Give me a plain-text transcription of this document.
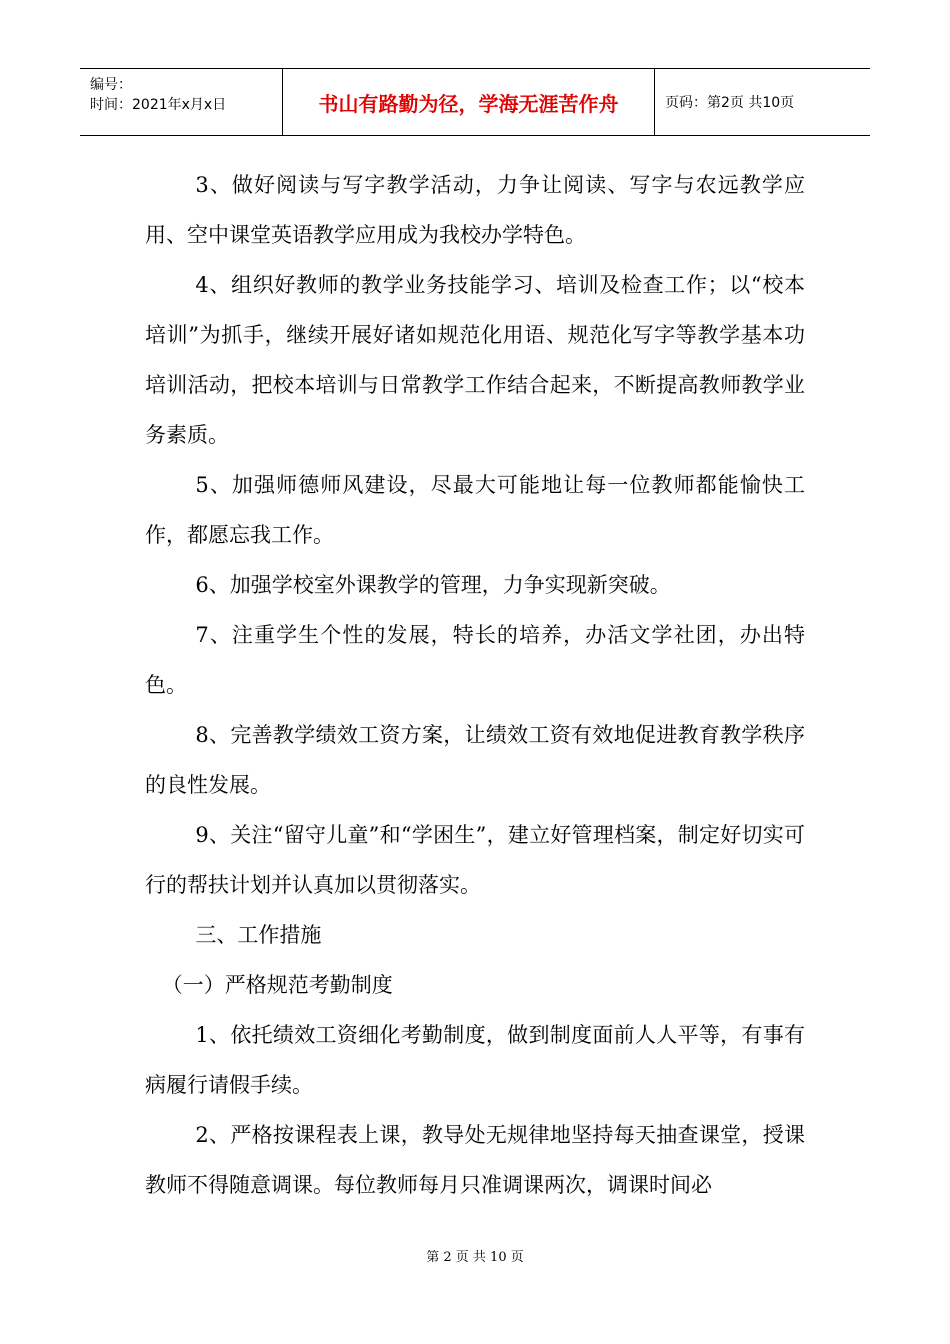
编号：
时间：2021年x月x日	书山有路勤为径，学海无涯苦作舟	页码：第2页 共10页

3、做好阅读与写字教学活动，力争让阅读、写字与农远教学应用、空中课堂英语教学应用成为我校办学特色。

4、组织好教师的教学业务技能学习、培训及检查工作；以“校本培训”为抓手，继续开展好诸如规范化用语、规范化写字等教学基本功培训活动，把校本培训与日常教学工作结合起来，不断提高教师教学业务素质。

5、加强师德师风建设，尽最大可能地让每一位教师都能愉快工作，都愿忘我工作。

6、加强学校室外课教学的管理，力争实现新突破。

7、注重学生个性的发展，特长的培养，办活文学社团，办出特色。

8、完善教学绩效工资方案，让绩效工资有效地促进教育教学秩序的良性发展。

9、关注“留守儿童”和“学困生”，建立好管理档案，制定好切实可行的帮扶计划并认真加以贯彻落实。

三、工作措施

（一）严格规范考勤制度

1、依托绩效工资细化考勤制度，做到制度面前人人平等，有事有病履行请假手续。

2、严格按课程表上课，教导处无规律地坚持每天抽查课堂，授课教师不得随意调课。每位教师每月只准调课两次，调课时间必

第 2 页 共 10 页
